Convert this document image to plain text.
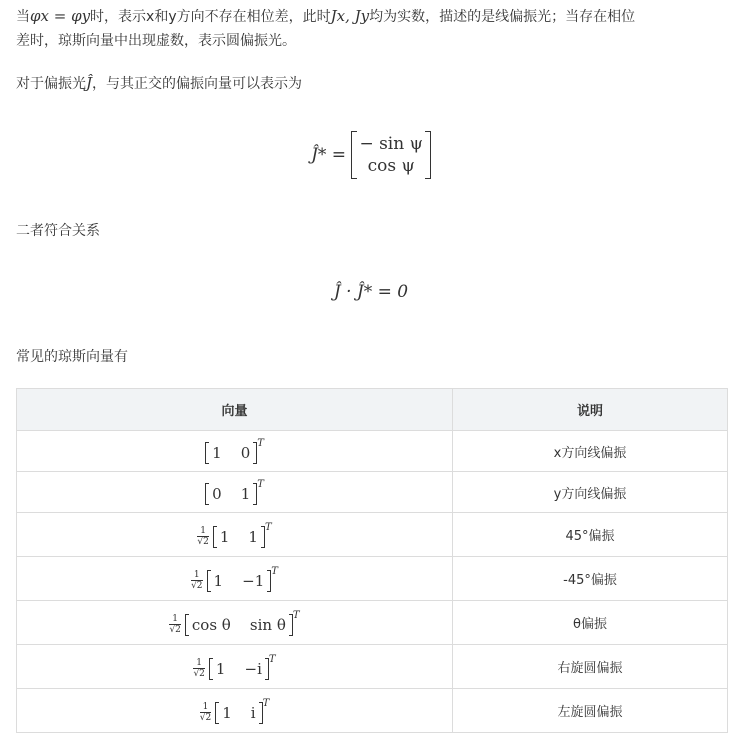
当φx = φy时，表示x和y方向不存在相位差，此时Jx, Jy均为实数，描述的是线偏振光；当存在相位
差时，琼斯向量中出现虚数，表示圆偏振光。
对于偏振光Ĵ，与其正交的偏振向量可以表示为
Ĵ* =
− sin ψ
cos ψ
二者符合关系
Ĵ · Ĵ* = 0
常见的琼斯向量有
向量	说明
1    $0^T$	x方向线偏振
0    $1^T$	y方向线偏振

$\frac{1}{√2} 1$    $1^T$	45°偏振

$\frac{1}{√2} 1$    $-1^T$	-45°偏振

$\frac{1}{√2}$ cos θ    $\sin \theta^T$	θ偏振

$\frac{1}{√2} 1$    $-i^T$	右旋圆偏振

$\frac{1}{√2} 1$    $i^T$	左旋圆偏振
